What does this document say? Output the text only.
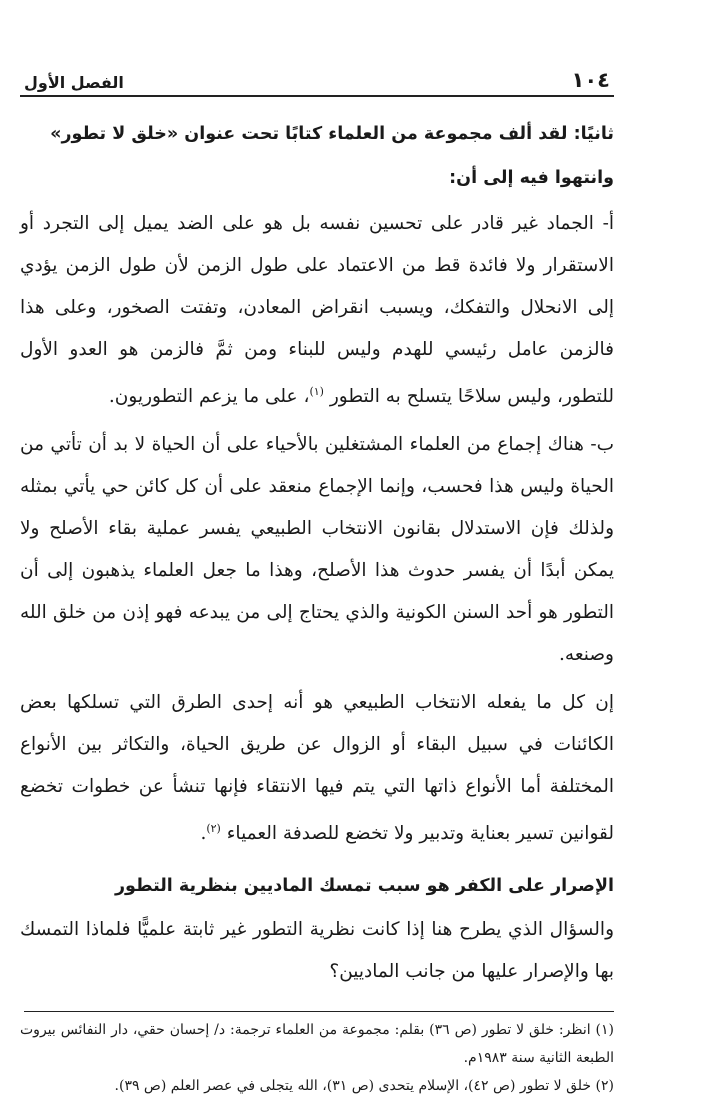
١٠٤
الفصل الأول

ثانيًا: لقد ألف مجموعة من العلماء كتابًا تحت عنوان «خلق لا تطور»
وانتهوا فيه إلى أن:

أ- الجماد غير قادر على تحسين نفسه بل هو على الضد يميل إلى التجرد أو الاستقرار ولا فائدة قط من الاعتماد على طول الزمن لأن طول الزمن يؤدي إلى الانحلال والتفكك، ويسبب انقراض المعادن، وتفتت الصخور، وعلى هذا فالزمن عامل رئيسي للهدم وليس للبناء ومن ثمَّ فالزمن هو العدو الأول للتطور، وليس سلاحًا يتسلح به التطور $^{(١)}$، على ما يزعم التطوريون.

ب- هناك إجماع من العلماء المشتغلين بالأحياء على أن الحياة لا بد أن تأتي من الحياة وليس هذا فحسب، وإنما الإجماع منعقد على أن كل كائن حي يأتي بمثله ولذلك فإن الاستدلال بقانون الانتخاب الطبيعي يفسر عملية بقاء الأصلح ولا يمكن أبدًا أن يفسر حدوث هذا الأصلح، وهذا ما جعل العلماء يذهبون إلى أن التطور هو أحد السنن الكونية والذي يحتاج إلى من يبدعه فهو إذن من خلق الله وصنعه.

إن كل ما يفعله الانتخاب الطبيعي هو أنه إحدى الطرق التي تسلكها بعض الكائنات في سبيل البقاء أو الزوال عن طريق الحياة، والتكاثر بين الأنواع المختلفة أما الأنواع ذاتها التي يتم فيها الانتقاء فإنها تنشأ عن خطوات تخضع لقوانين تسير بعناية وتدبير ولا تخضع للصدفة العمياء $^{(٢)}$.

الإصرار على الكفر هو سبب تمسك الماديين بنظرية التطور

والسؤال الذي يطرح هنا إذا كانت نظرية التطور غير ثابتة علميًّا فلماذا التمسك بها والإصرار عليها من جانب الماديين؟

(١) انظر: خلق لا تطور (ص ٣٦) بقلم: مجموعة من العلماء ترجمة: د/ إحسان حقي، دار النفائس بيروت الطبعة الثانية سنة ١٩٨٣م.

(٢) خلق لا تطور (ص ٤٢)، الإسلام يتحدى (ص ٣١)، الله يتجلى في عصر العلم (ص ٣٩).
